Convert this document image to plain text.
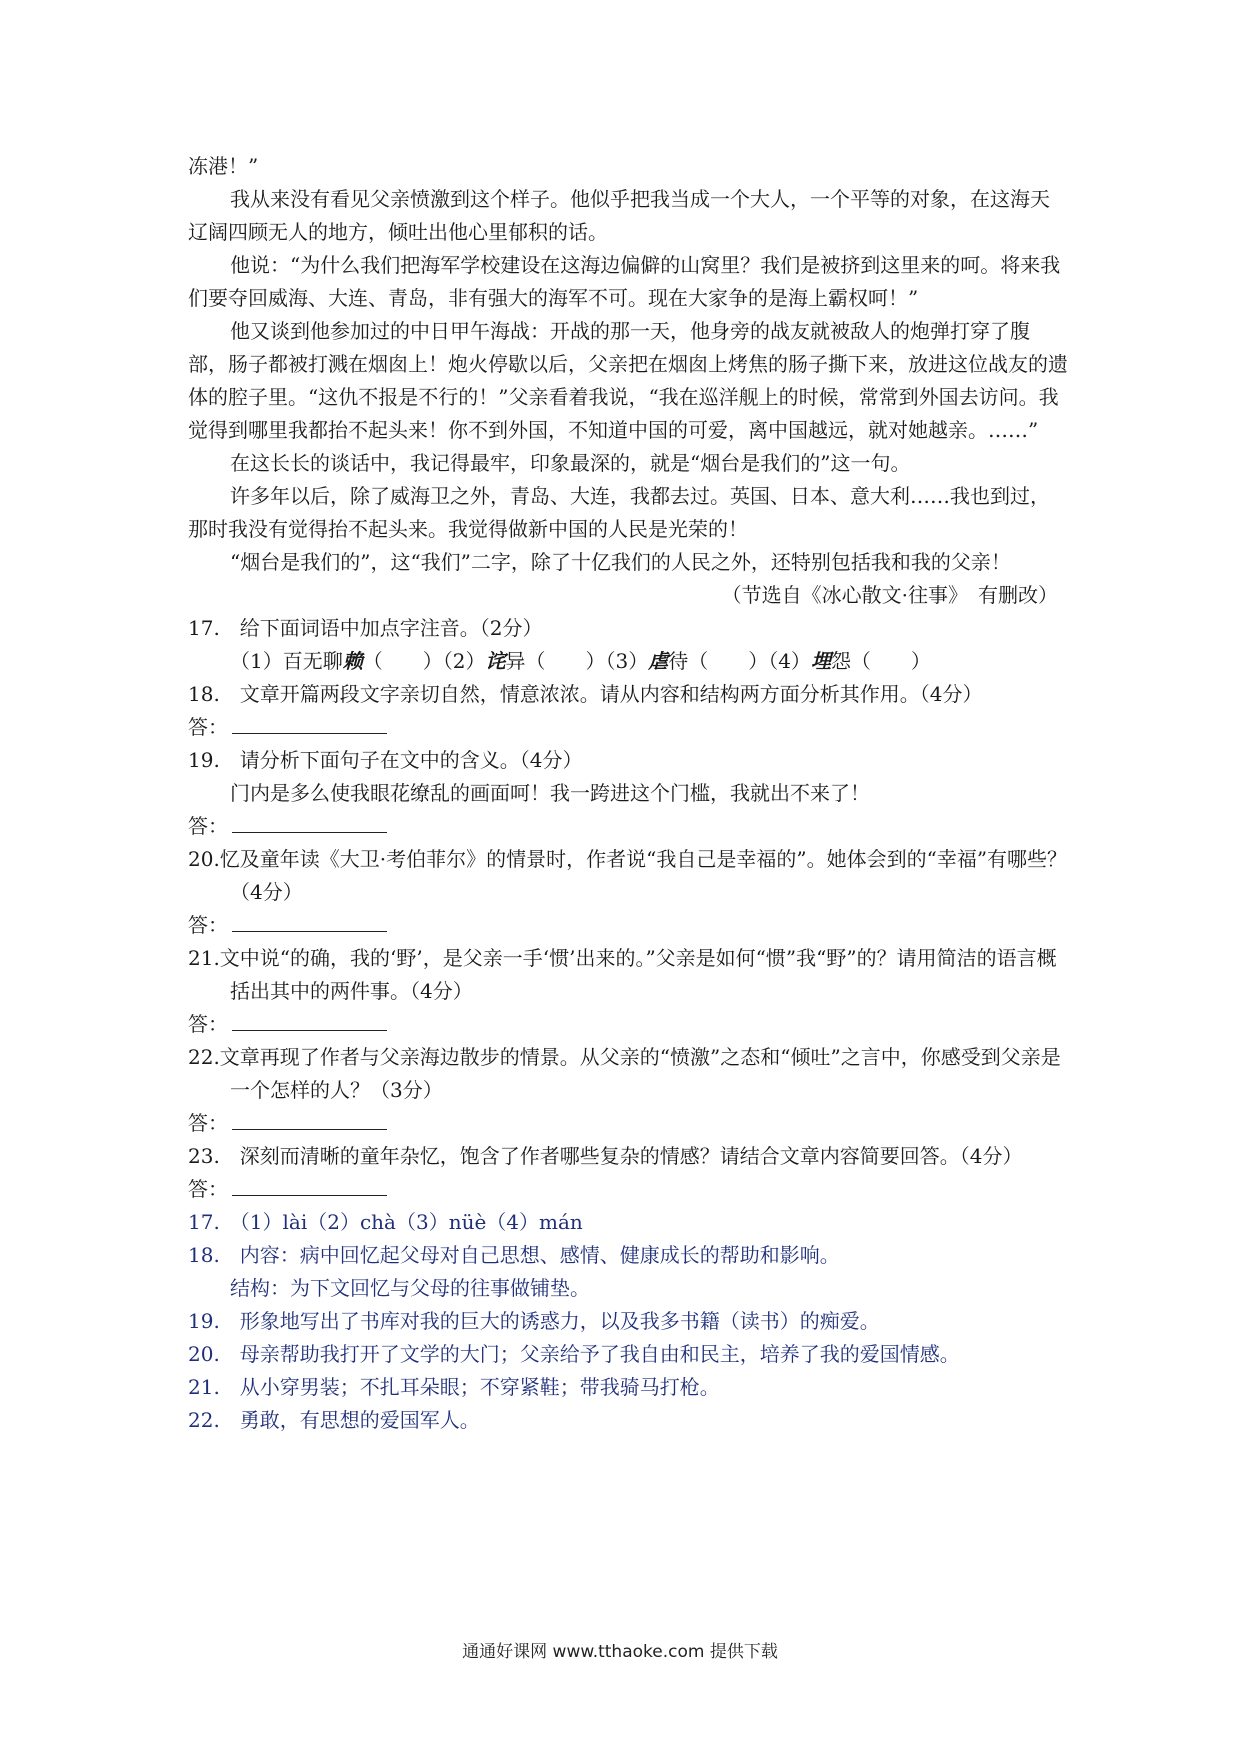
冻港！”

我从来没有看见父亲愤激到这个样子。他似乎把我当成一个大人，一个平等的对象，在这海天辽阔四顾无人的地方，倾吐出他心里郁积的话。

他说：“为什么我们把海军学校建设在这海边偏僻的山窝里？我们是被挤到这里来的呵。将来我们要夺回威海、大连、青岛，非有强大的海军不可。现在大家争的是海上霸权呵！”

他又谈到他参加过的中日甲午海战：开战的那一天，他身旁的战友就被敌人的炮弹打穿了腹部，肠子都被打溅在烟囱上！炮火停歇以后，父亲把在烟囱上烤焦的肠子撕下来，放进这位战友的遗体的腔子里。“这仇不报是不行的！”父亲看着我说，“我在巡洋舰上的时候，常常到外国去访问。我觉得到哪里我都抬不起头来！你不到外国，不知道中国的可爱，离中国越远，就对她越亲。……”

在这长长的谈话中，我记得最牢，印象最深的，就是“烟台是我们的”这一句。

许多年以后，除了威海卫之外，青岛、大连，我都去过。英国、日本、意大利……我也到过，那时我没有觉得抬不起头来。我觉得做新中国的人民是光荣的！

“烟台是我们的”，这“我们”二字，除了十亿我们的人民之外，还特别包括我和我的父亲！

（节选自《冰心散文·往事》　有删改）

17.　给下面词语中加点字注音。（2分）

（1）百无聊赖（　　）（2）诧异（　　）（3）虐待（　　）（4）埋怨（　　）

18.　文章开篇两段文字亲切自然，情意浓浓。请从内容和结构两方面分析其作用。（4分）

答：

19.　请分析下面句子在文中的含义。（4分）

门内是多么使我眼花缭乱的画面呵！我一跨进这个门槛，我就出不来了！

答：

20.忆及童年读《大卫·考伯菲尔》的情景时，作者说“我自己是幸福的”。她体会到的“幸福”有哪些？（4分）

答：

21.文中说“的确，我的‘野’，是父亲一手‘惯’出来的。”父亲是如何“惯”我“野”的？请用简洁的语言概括出其中的两件事。（4分）

答：

22.文章再现了作者与父亲海边散步的情景。从父亲的“愤激”之态和“倾吐”之言中，你感受到父亲是一个怎样的人？（3分）

答：

23.　深刻而清晰的童年杂忆，饱含了作者哪些复杂的情感？请结合文章内容简要回答。（4分）

答：

17.　（1）lài（2）chà（3）nüè（4）mán

18.　内容：病中回忆起父母对自己思想、感情、健康成长的帮助和影响。

结构：为下文回忆与父母的往事做铺垫。

19.　形象地写出了书库对我的巨大的诱惑力，以及我多书籍（读书）的痴爱。

20.　母亲帮助我打开了文学的大门；父亲给予了我自由和民主，培养了我的爱国情感。

21.　从小穿男装；不扎耳朵眼；不穿紧鞋；带我骑马打枪。

22.　勇敢，有思想的爱国军人。

通通好课网 www.tthaoke.com 提供下载
